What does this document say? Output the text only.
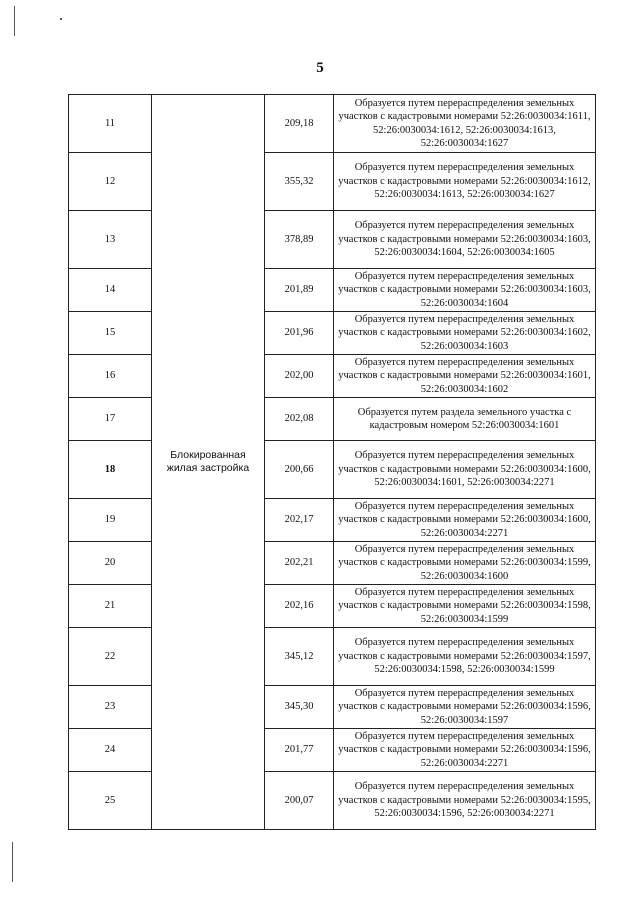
5
11	Блокированная жилая застройка	209,18	Образуется путем перераспределения земельных участков с кадастровыми номерами 52:26:0030034:1611, 52:26:0030034:1612, 52:26:0030034:1613, 52:26:0030034:1627
12		355,32	Образуется путем перераспределения земельных участков с кадастровыми номерами 52:26:0030034:1612, 52:26:0030034:1613, 52:26:0030034:1627
13		378,89	Образуется путем перераспределения земельных участков с кадастровыми номерами 52:26:0030034:1603, 52:26:0030034:1604, 52:26:0030034:1605
14		201,89	Образуется путем перераспределения земельных участков с кадастровыми номерами 52:26:0030034:1603, 52:26:0030034:1604
15		201,96	Образуется путем перераспределения земельных участков с кадастровыми номерами 52:26:0030034:1602, 52:26:0030034:1603
16		202,00	Образуется путем перераспределения земельных участков с кадастровыми номерами 52:26:0030034:1601, 52:26:0030034:1602
17		202,08	Образуется путем раздела земельного участка с кадастровым номером 52:26:0030034:1601
18		200,66	Образуется путем перераспределения земельных участков с кадастровыми номерами 52:26:0030034:1600, 52:26:0030034:1601, 52:26:0030034:2271
19		202,17	Образуется путем перераспределения земельных участков с кадастровыми номерами 52:26:0030034:1600, 52:26:0030034:2271
20		202,21	Образуется путем перераспределения земельных участков с кадастровыми номерами 52:26:0030034:1599, 52:26:0030034:1600
21		202,16	Образуется путем перераспределения земельных участков с кадастровыми номерами 52:26:0030034:1598, 52:26:0030034:1599
22		345,12	Образуется путем перераспределения земельных участков с кадастровыми номерами 52:26:0030034:1597, 52:26:0030034:1598, 52:26:0030034:1599
23		345,30	Образуется путем перераспределения земельных участков с кадастровыми номерами 52:26:0030034:1596, 52:26:0030034:1597
24		201,77	Образуется путем перераспределения земельных участков с кадастровыми номерами 52:26:0030034:1596, 52:26:0030034:2271
25		200,07	Образуется путем перераспределения земельных участков с кадастровыми номерами 52:26:0030034:1595, 52:26:0030034:1596, 52:26:0030034:2271
